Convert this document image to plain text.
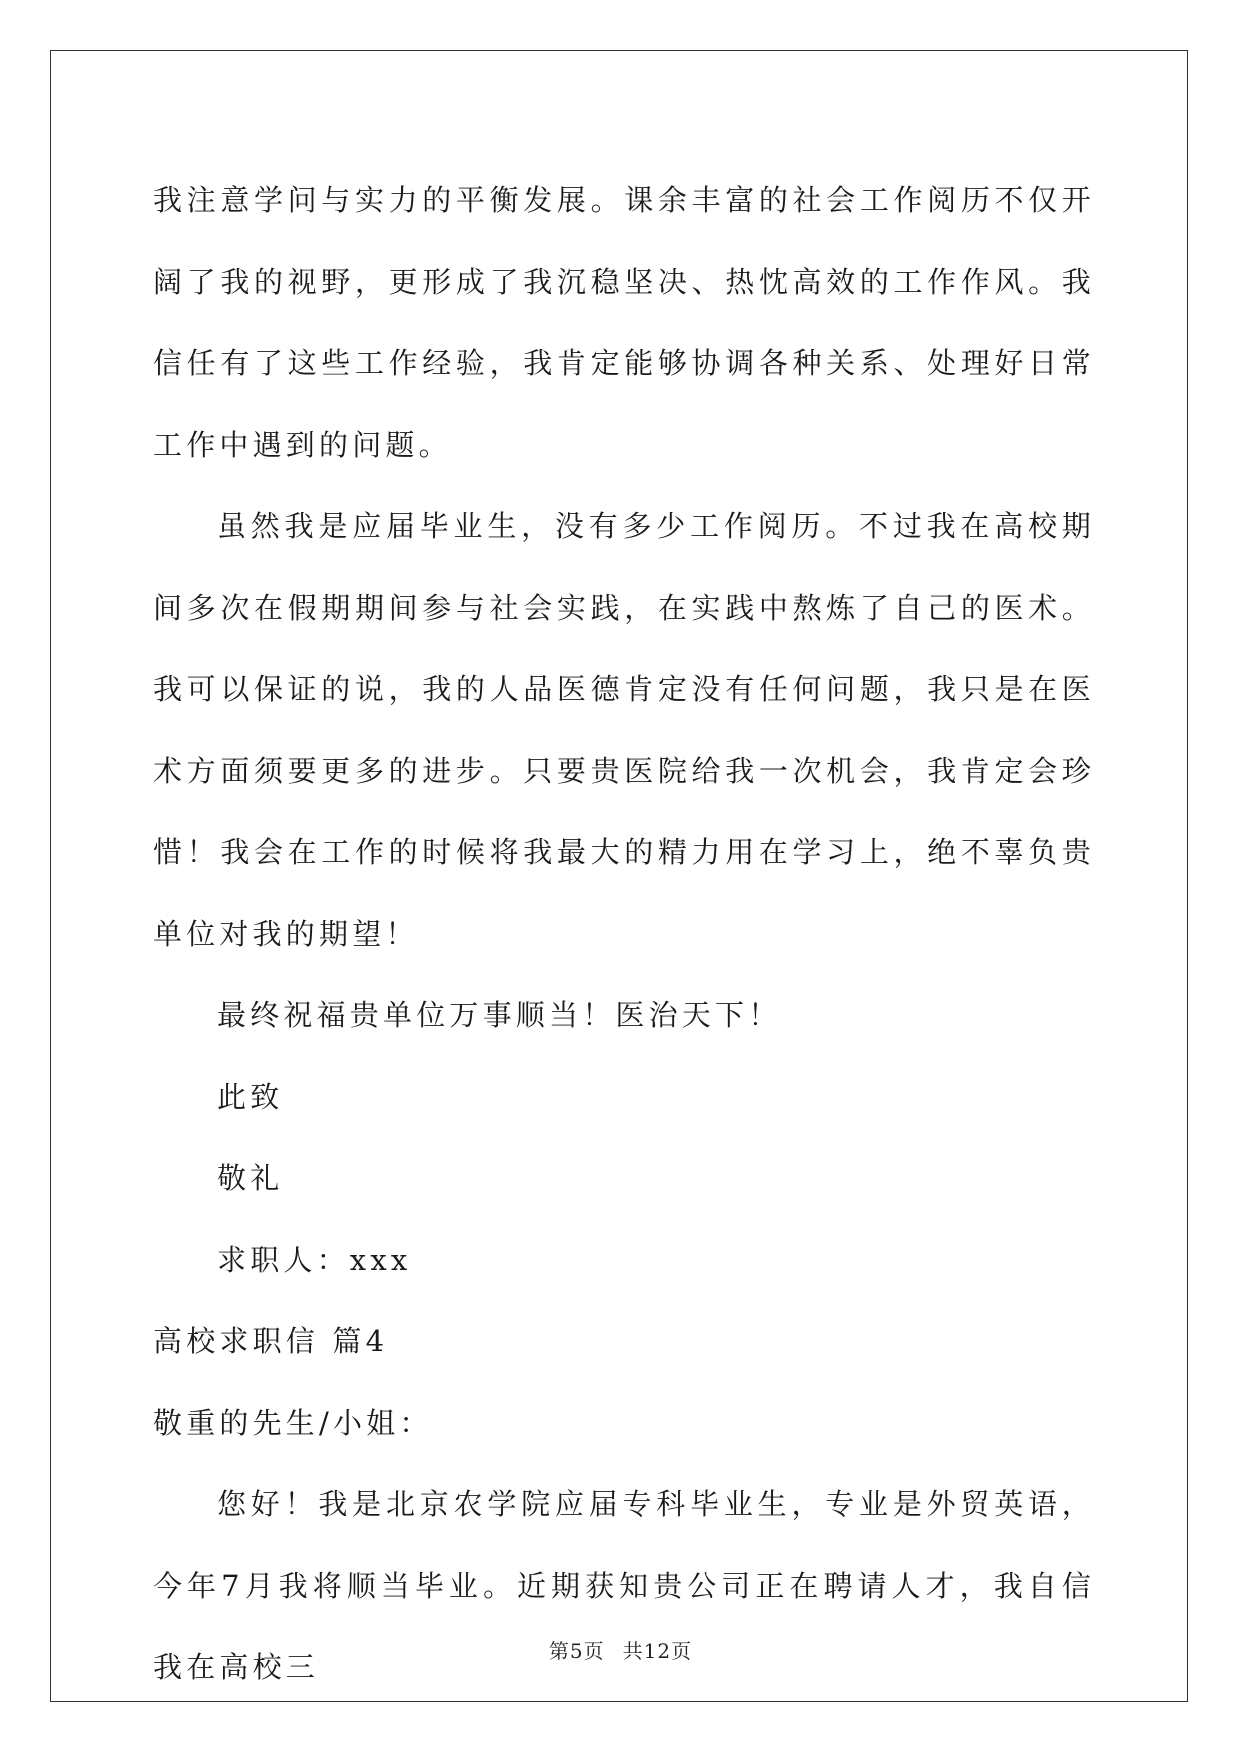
我注意学问与实力的平衡发展。课余丰富的社会工作阅历不仅开阔了我的视野，更形成了我沉稳坚决、热忱高效的工作作风。我信任有了这些工作经验，我肯定能够协调各种关系、处理好日常工作中遇到的问题。

虽然我是应届毕业生，没有多少工作阅历。不过我在高校期间多次在假期期间参与社会实践，在实践中熬炼了自己的医术。我可以保证的说，我的人品医德肯定没有任何问题，我只是在医术方面须要更多的进步。只要贵医院给我一次机会，我肯定会珍惜！我会在工作的时候将我最大的精力用在学习上，绝不辜负贵单位对我的期望！

最终祝福贵单位万事顺当！医治天下！

此致

敬礼

求职人：xxx

高校求职信 篇4

敬重的先生/小姐：

您好！我是北京农学院应届专科毕业生，专业是外贸英语，今年7月我将顺当毕业。近期获知贵公司正在聘请人才，我自信我在高校三	第5页 共12页
